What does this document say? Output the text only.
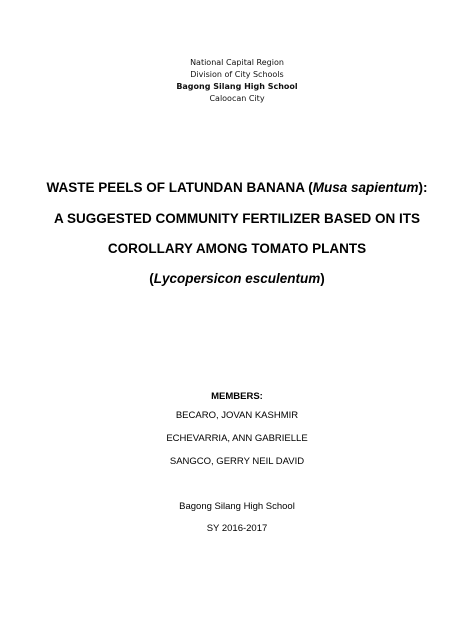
National Capital Region
Division of City Schools
Bagong Silang High School
Caloocan City
WASTE PEELS OF LATUNDAN BANANA (Musa sapientum):
A SUGGESTED COMMUNITY FERTILIZER BASED ON ITS
COROLLARY AMONG TOMATO PLANTS
(Lycopersicon esculentum)
MEMBERS:
BECARO, JOVAN KASHMIR
ECHEVARRIA, ANN GABRIELLE
SANGCO, GERRY NEIL DAVID
Bagong Silang High School
SY 2016-2017
